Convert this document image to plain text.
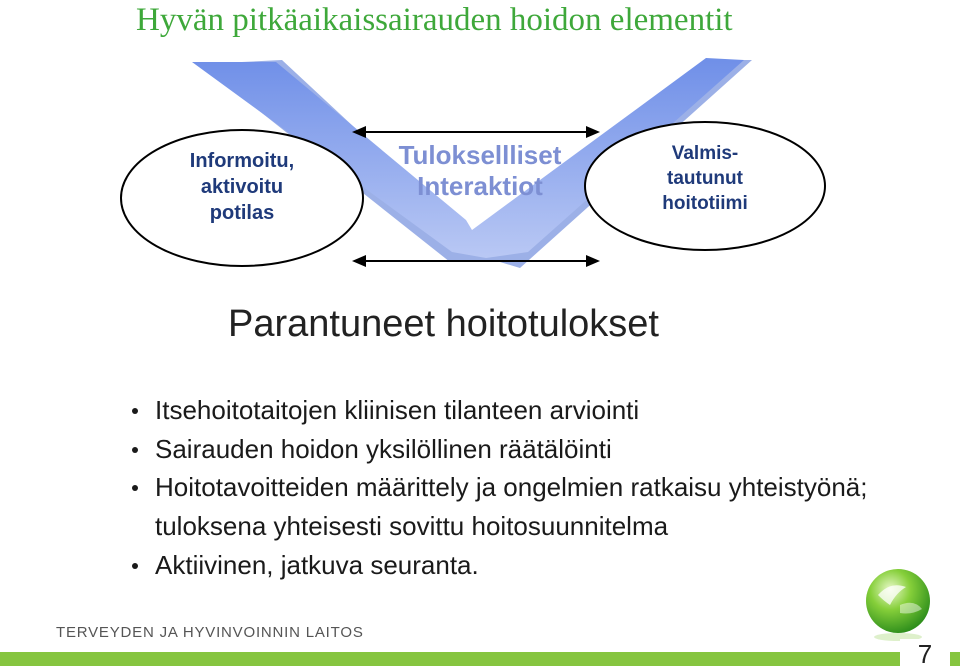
Hyvän pitkäaikaissairauden hoidon elementit
Informoitu,
aktivoitu
potilas
Tuloksellliset
Interaktiot
Valmis-
tautunut
hoitotiimi
Parantuneet hoitotulokset
Itsehoitotaitojen kliinisen tilanteen arviointi
Sairauden hoidon yksilöllinen räätälöinti
Hoitotavoitteiden määrittely ja ongelmien ratkaisu yhteistyönä; tuloksena yhteisesti sovittu hoitosuunnitelma
Aktiivinen, jatkuva seuranta.
TERVEYDEN JA HYVINVOINNIN LAITOS
7
